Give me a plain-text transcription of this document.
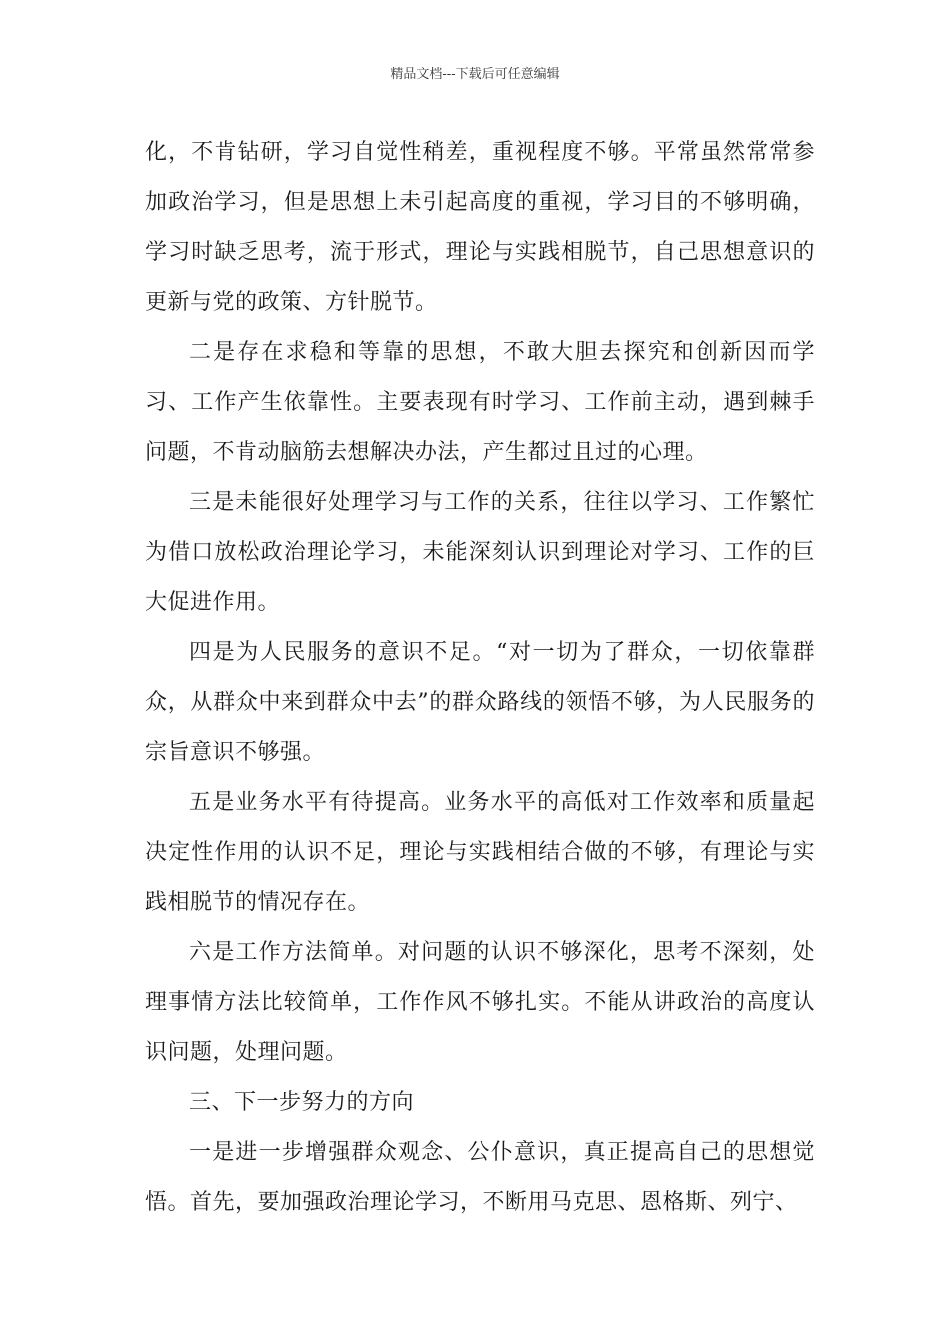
精品文档---下载后可任意编辑

化，不肯钻研，学习自觉性稍差，重视程度不够。平常虽然常常参加政治学习，但是思想上未引起高度的重视，学习目的不够明确，学习时缺乏思考，流于形式，理论与实践相脱节，自己思想意识的更新与党的政策、方针脱节。

二是存在求稳和等靠的思想，不敢大胆去探究和创新因而学习、工作产生依靠性。主要表现有时学习、工作前主动，遇到棘手问题，不肯动脑筋去想解决办法，产生都过且过的心理。

三是未能很好处理学习与工作的关系，往往以学习、工作繁忙为借口放松政治理论学习，未能深刻认识到理论对学习、工作的巨大促进作用。

四是为人民服务的意识不足。“对一切为了群众，一切依靠群众，从群众中来到群众中去”的群众路线的领悟不够，为人民服务的宗旨意识不够强。

五是业务水平有待提高。业务水平的高低对工作效率和质量起决定性作用的认识不足，理论与实践相结合做的不够，有理论与实践相脱节的情况存在。

六是工作方法简单。对问题的认识不够深化，思考不深刻，处理事情方法比较简单，工作作风不够扎实。不能从讲政治的高度认识问题，处理问题。

三、下一步努力的方向

一是进一步增强群众观念、公仆意识，真正提高自己的思想觉悟。首先，要加强政治理论学习，不断用马克思、恩格斯、列宁、
